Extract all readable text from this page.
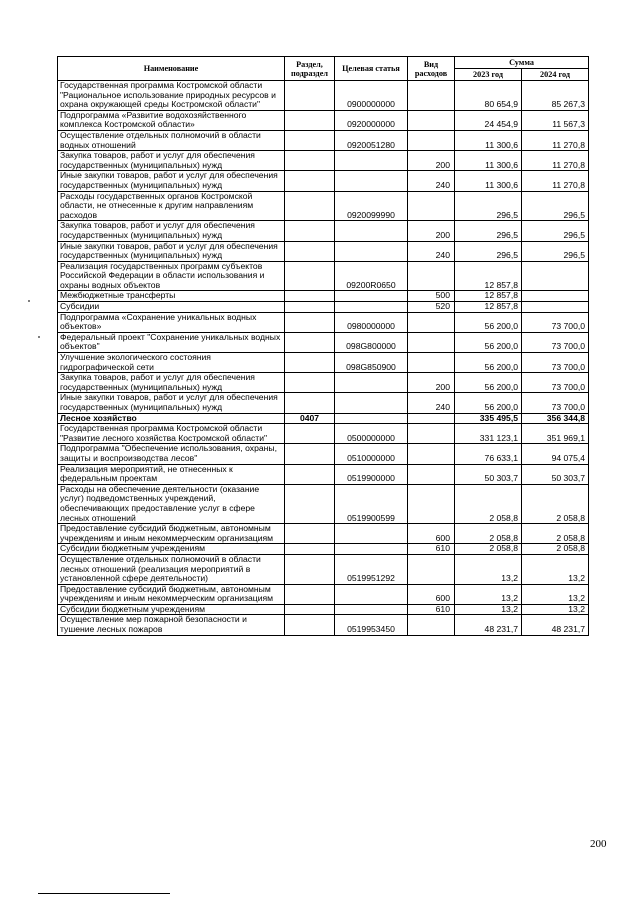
Наименование	Раздел, подраздел	Целевая статья	Вид расходов	Сумма	
				2023 год	2024 год
Государственная программа Костромской области "Рациональное использование природных ресурсов и охрана окружающей среды Костромской области"		0900000000		80 654,9	85 267,3
Подпрограмма «Развитие водохозяйственного комплекса Костромской области»		0920000000		24 454,9	11 567,3
Осуществление отдельных полномочий в области водных отношений		0920051280		11 300,6	11 270,8
Закупка товаров, работ и услуг для обеспечения государственных (муниципальных) нужд			200	11 300,6	11 270,8
Иные закупки товаров, работ и услуг для обеспечения государственных (муниципальных) нужд			240	11 300,6	11 270,8
Расходы государственных органов Костромской области, не отнесенные к другим направлениям расходов		0920099990		296,5	296,5
Закупка товаров, работ и услуг для обеспечения государственных (муниципальных) нужд			200	296,5	296,5
Иные закупки товаров, работ и услуг для обеспечения государственных (муниципальных) нужд			240	296,5	296,5
Реализация государственных программ субъектов Российской Федерации в области использования и охраны водных объектов		09200R0650		12 857,8	
Межбюджетные трансферты			500	12 857,8	
Субсидии			520	12 857,8	
Подпрограмма «Сохранение уникальных водных объектов»		0980000000		56 200,0	73 700,0
Федеральный проект "Сохранение уникальных водных объектов"		098G800000		56 200,0	73 700,0
Улучшение экологического состояния гидрографической сети		098G850900		56 200,0	73 700,0
Закупка товаров, работ и услуг для обеспечения государственных (муниципальных) нужд			200	56 200,0	73 700,0
Иные закупки товаров, работ и услуг для обеспечения государственных (муниципальных) нужд			240	56 200,0	73 700,0
Лесное хозяйство	0407			335 495,5	356 344,8
Государственная программа Костромской области "Развитие лесного хозяйства Костромской области"		0500000000		331 123,1	351 969,1
Подпрограмма "Обеспечение использования, охраны, защиты и воспроизводства лесов"		0510000000		76 633,1	94 075,4
Реализация мероприятий, не отнесенных к федеральным проектам		0519900000		50 303,7	50 303,7
Расходы на обеспечение деятельности (оказание услуг) подведомственных учреждений, обеспечивающих предоставление услуг в сфере лесных отношений		0519900599		2 058,8	2 058,8
Предоставление субсидий бюджетным, автономным учреждениям и иным некоммерческим организациям			600	2 058,8	2 058,8
Субсидии бюджетным учреждениям			610	2 058,8	2 058,8
Осуществление отдельных полномочий в области лесных отношений (реализация мероприятий в установленной сфере деятельности)		0519951292		13,2	13,2
Предоставление субсидий бюджетным, автономным учреждениям и иным некоммерческим организациям			600	13,2	13,2
Субсидии бюджетным учреждениям			610	13,2	13,2
Осуществление мер пожарной безопасности и тушение лесных пожаров		0519953450		48 231,7	48 231,7
200
